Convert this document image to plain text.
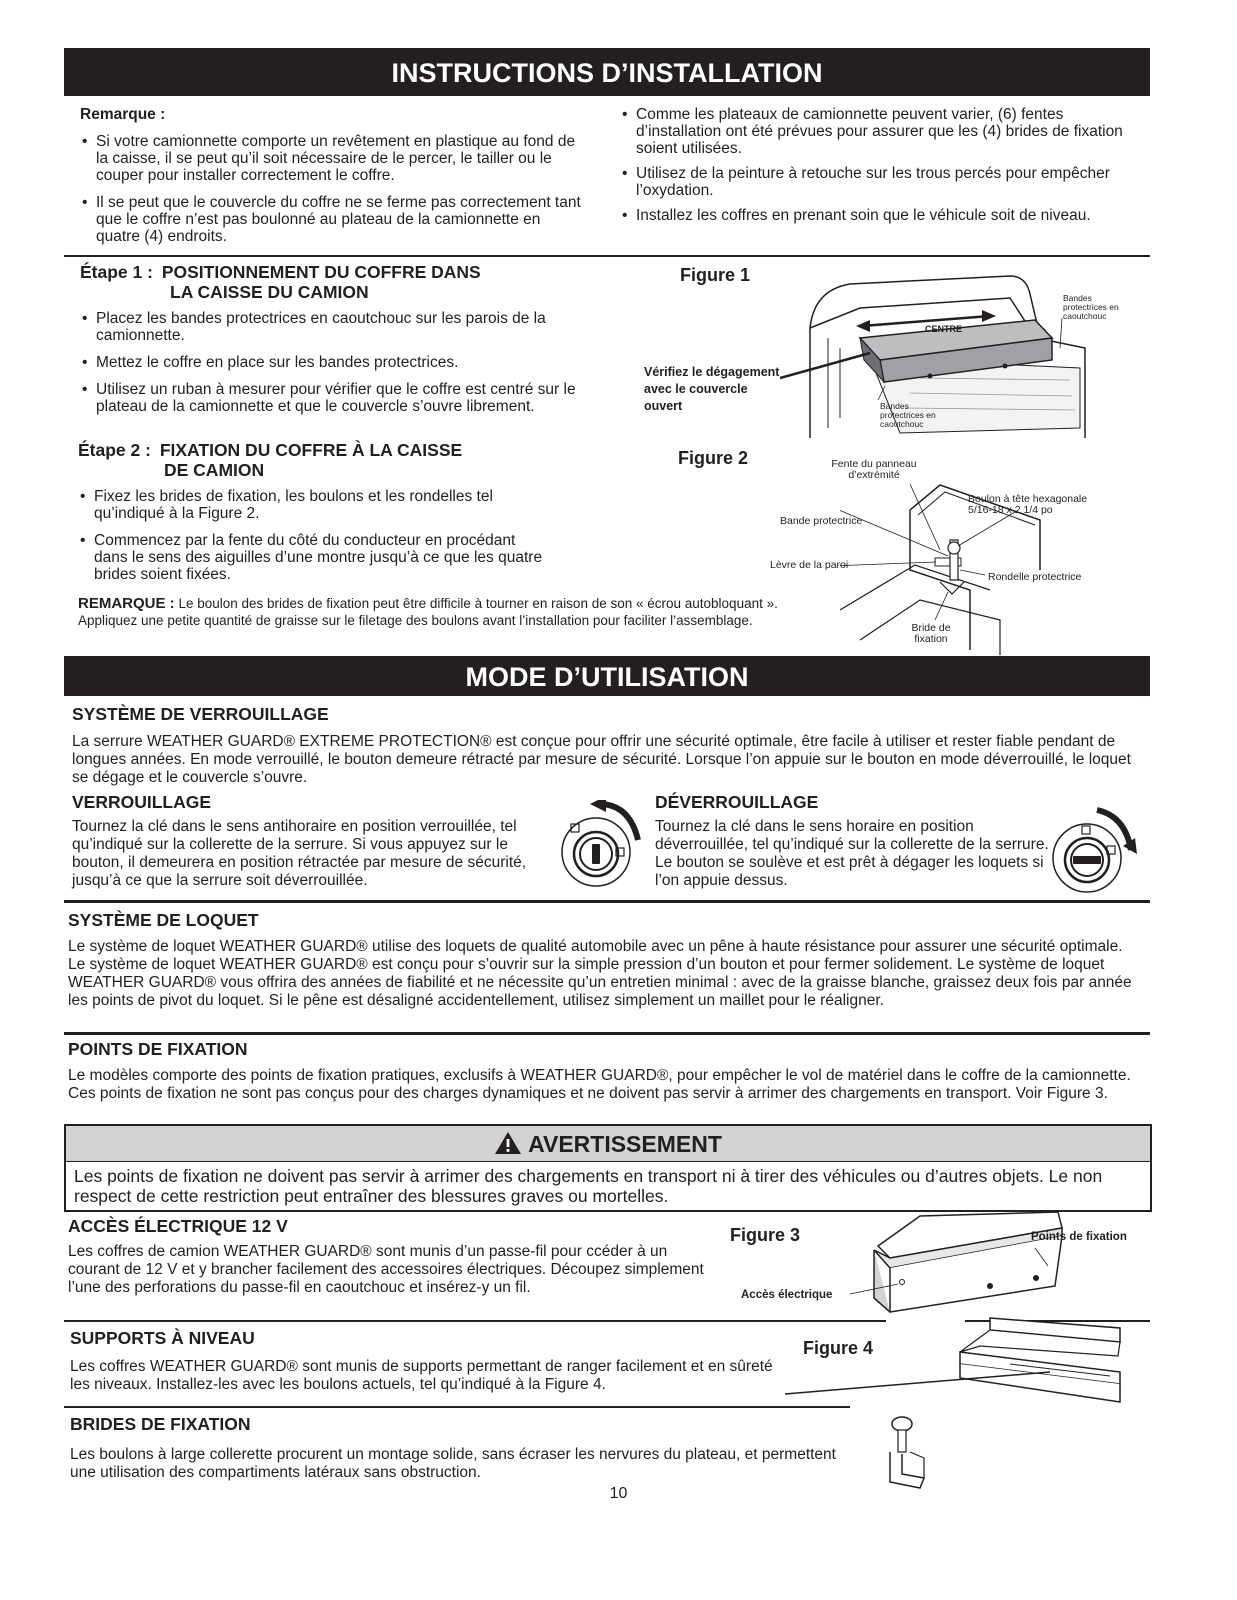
INSTRUCTIONS D’INSTALLATION
Remarque :
• Si votre camionnette comporte un revêtement en plastique au fond de la caisse, il se peut qu’il soit nécessaire de le percer, le tailler ou le couper pour installer correctement le coffre.
• Il se peut que le couvercle du coffre ne se ferme pas correctement tant que le coffre n’est pas boulonné au plateau de la camionnette en quatre (4) endroits.
• Comme les plateaux de camionnette peuvent varier, (6) fentes d’installation ont été prévues pour assurer que les (4) brides de fixation soient utilisées.
• Utilisez de la peinture à retouche sur les trous percés pour empêcher l’oxydation.
• Installez les coffres en prenant soin que le véhicule soit de niveau.
Étape 1 : POSITIONNEMENT DU COFFRE DANS
LA CAISSE DU CAMION
• Placez les bandes protectrices en caoutchouc sur les parois de la camionnette.
• Mettez le coffre en place sur les bandes protectrices.
• Utilisez un ruban à mesurer pour vérifier que le coffre est centré sur le plateau de la camionnette et que le couvercle s’ouvre librement.
Étape 2 : FIXATION DU COFFRE À LA CAISSE
DE CAMION
• Fixez les brides de fixation, les boulons et les rondelles tel qu’indiqué à la Figure 2.
• Commencez par la fente du côté du conducteur en procédant dans le sens des aiguilles d’une montre jusqu’à ce que les quatre brides soient fixées.
REMARQUE : Le boulon des brides de fixation peut être difficile à tourner en raison de son « écrou autobloquant ». Appliquez une petite quantité de graisse sur le filetage des boulons avant l’installation pour faciliter l’assemblage.
Figure 1
Vérifiez le dégagement avec le couvercle ouvert
CENTRE
Bandes protectrices en caoutchouc
Bandes protectrices en caoutchouc
Figure 2	Fente du panneau d’extrémité
Boulon à tête hexagonale 5/16-18 x 2 1/4 po
Bande protectrice
Lèvre de la paroi
Rondelle protectrice
Bride de fixation
MODE D’UTILISATION
SYSTÈME DE VERROUILLAGE
La serrure WEATHER GUARD® EXTREME PROTECTION® est conçue pour offrir une sécurité optimale, être facile à utiliser et rester fiable pendant de longues années. En mode verrouillé, le bouton demeure rétracté par mesure de sécurité. Lorsque l’on appuie sur le bouton en mode déverrouillé, le loquet se dégage et le couvercle s’ouvre.
VERROUILLAGE
Tournez la clé dans le sens antihoraire en position verrouillée, tel qu’indiqué sur la collerette de la serrure. Si vous appuyez sur le bouton, il demeurera en position rétractée par mesure de sécurité, jusqu’à ce que la serrure soit déverrouillée.
DÉVERROUILLAGE
Tournez la clé dans le sens horaire en position déverrouillée, tel qu’indiqué sur la collerette de la serrure. Le bouton se soulève et est prêt à dégager les loquets si l’on appuie dessus.
SYSTÈME DE LOQUET
Le système de loquet WEATHER GUARD® utilise des loquets de qualité automobile avec un pêne à haute résistance pour assurer une sécurité optimale. Le système de loquet WEATHER GUARD® est conçu pour s’ouvrir sur la simple pression d’un bouton et pour fermer solidement. Le système de loquet WEATHER GUARD® vous offrira des années de fiabilité et ne nécessite qu’un entretien minimal : avec de la graisse blanche, graissez deux fois par année les points de pivot du loquet. Si le pêne est désaligné accidentellement, utilisez simplement un maillet pour le réaligner.
POINTS DE FIXATION
Le modèles comporte des points de fixation pratiques, exclusifs à WEATHER GUARD®, pour empêcher le vol de matériel dans le coffre de la camionnette. Ces points de fixation ne sont pas conçus pour des charges dynamiques et ne doivent pas servir à arrimer des chargements en transport. Voir Figure 3.
AVERTISSEMENT
Les points de fixation ne doivent pas servir à arrimer des chargements en transport ni à tirer des véhicules ou d’autres objets. Le non respect de cette restriction peut entraîner des blessures graves ou mortelles.
ACCÈS ÉLECTRIQUE 12 V
Les coffres de camion WEATHER GUARD® sont munis d’un passe-fil pour ccéder à un courant de 12 V et y brancher facilement des accessoires électriques. Découpez simplement l’une des perforations du passe-fil en caoutchouc et insérez-y un fil.
Figure 3	Points de fixation
Accès électrique
SUPPORTS À NIVEAU
Les coffres WEATHER GUARD® sont munis de supports permettant de ranger facilement et en sûreté les niveaux. Installez-les avec les boulons actuels, tel qu’indiqué à la Figure 4.
Figure 4
BRIDES DE FIXATION
Les boulons à large collerette procurent un montage solide, sans écraser les nervures du plateau, et permettent une utilisation des compartiments latéraux sans obstruction.
10
